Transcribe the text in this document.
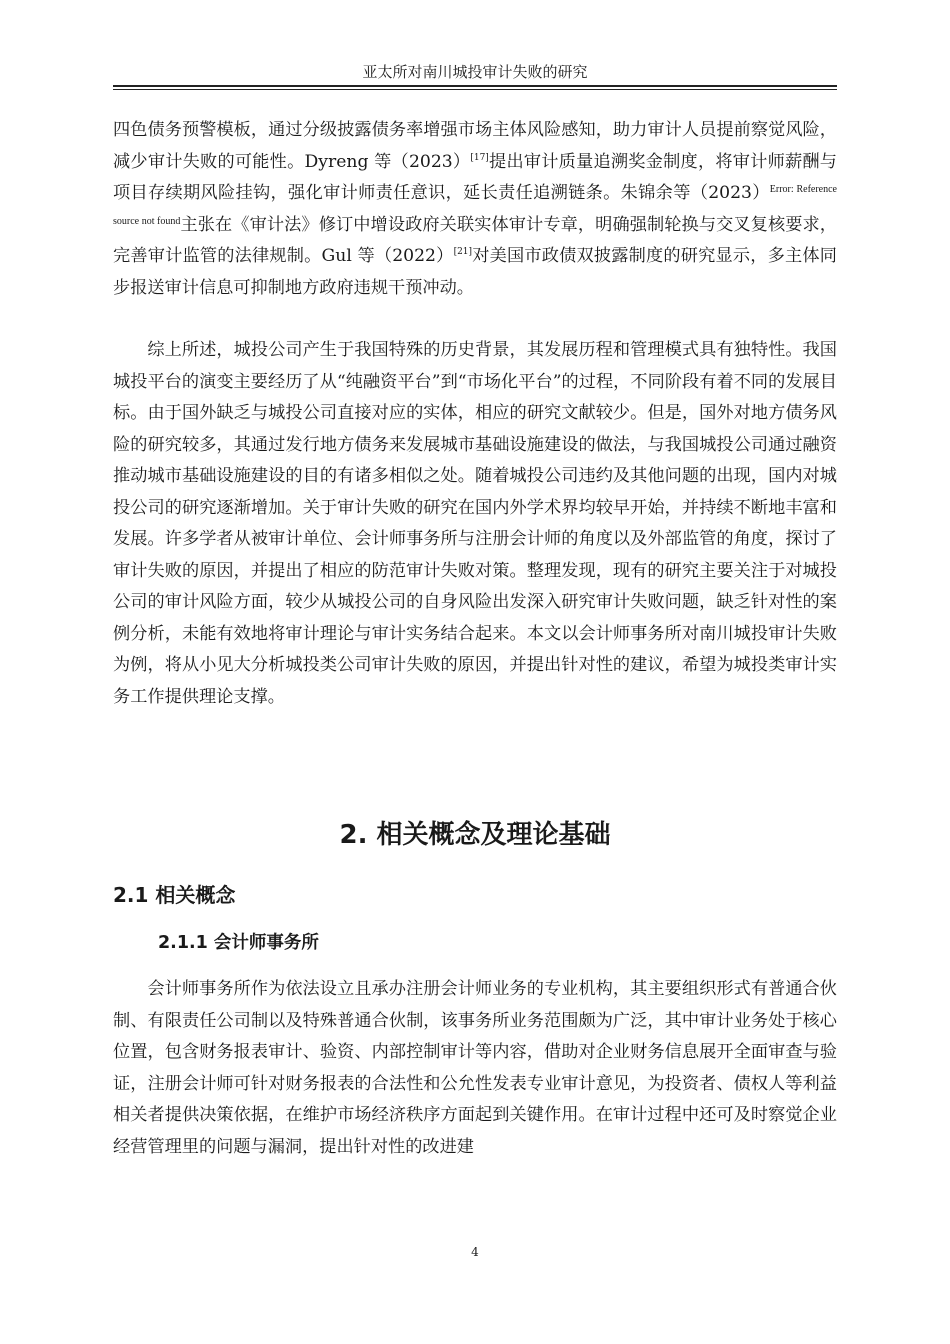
亚太所对南川城投审计失败的研究

四色债务预警模板，通过分级披露债务率增强市场主体风险感知，助力审计人员提前察觉风险，减少审计失败的可能性。Dyreng 等（2023）[17]提出审计质量追溯奖金制度，将审计师薪酬与项目存续期风险挂钩，强化审计师责任意识，延长责任追溯链条。朱锦余等（2023）$^{Error: Reference source not found}$主张在《审计法》修订中增设政府关联实体审计专章，明确强制轮换与交叉复核要求，完善审计监管的法律规制。Gul 等（2022）[21]对美国市政债双披露制度的研究显示，多主体同步报送审计信息可抑制地方政府违规干预冲动。

综上所述，城投公司产生于我国特殊的历史背景，其发展历程和管理模式具有独特性。我国城投平台的演变主要经历了从“纯融资平台”到“市场化平台”的过程，不同阶段有着不同的发展目标。由于国外缺乏与城投公司直接对应的实体，相应的研究文献较少。但是，国外对地方债务风险的研究较多，其通过发行地方债务来发展城市基础设施建设的做法，与我国城投公司通过融资推动城市基础设施建设的目的有诸多相似之处。随着城投公司违约及其他问题的出现，国内对城投公司的研究逐渐增加。关于审计失败的研究在国内外学术界均较早开始，并持续不断地丰富和发展。许多学者从被审计单位、会计师事务所与注册会计师的角度以及外部监管的角度，探讨了审计失败的原因，并提出了相应的防范审计失败对策。整理发现，现有的研究主要关注于对城投公司的审计风险方面，较少从城投公司的自身风险出发深入研究审计失败问题，缺乏针对性的案例分析，未能有效地将审计理论与审计实务结合起来。本文以会计师事务所对南川城投审计失败为例，将从小见大分析城投类公司审计失败的原因，并提出针对性的建议，希望为城投类审计实务工作提供理论支撑。

2. 相关概念及理论基础
2.1 相关概念
2.1.1 会计师事务所

会计师事务所作为依法设立且承办注册会计师业务的专业机构，其主要组织形式有普通合伙制、有限责任公司制以及特殊普通合伙制，该事务所业务范围颇为广泛，其中审计业务处于核心位置，包含财务报表审计、验资、内部控制审计等内容，借助对企业财务信息展开全面审查与验证，注册会计师可针对财务报表的合法性和公允性发表专业审计意见，为投资者、债权人等利益相关者提供决策依据，在维护市场经济秩序方面起到关键作用。在审计过程中还可及时察觉企业经营管理里的问题与漏洞，提出针对性的改进建

4
